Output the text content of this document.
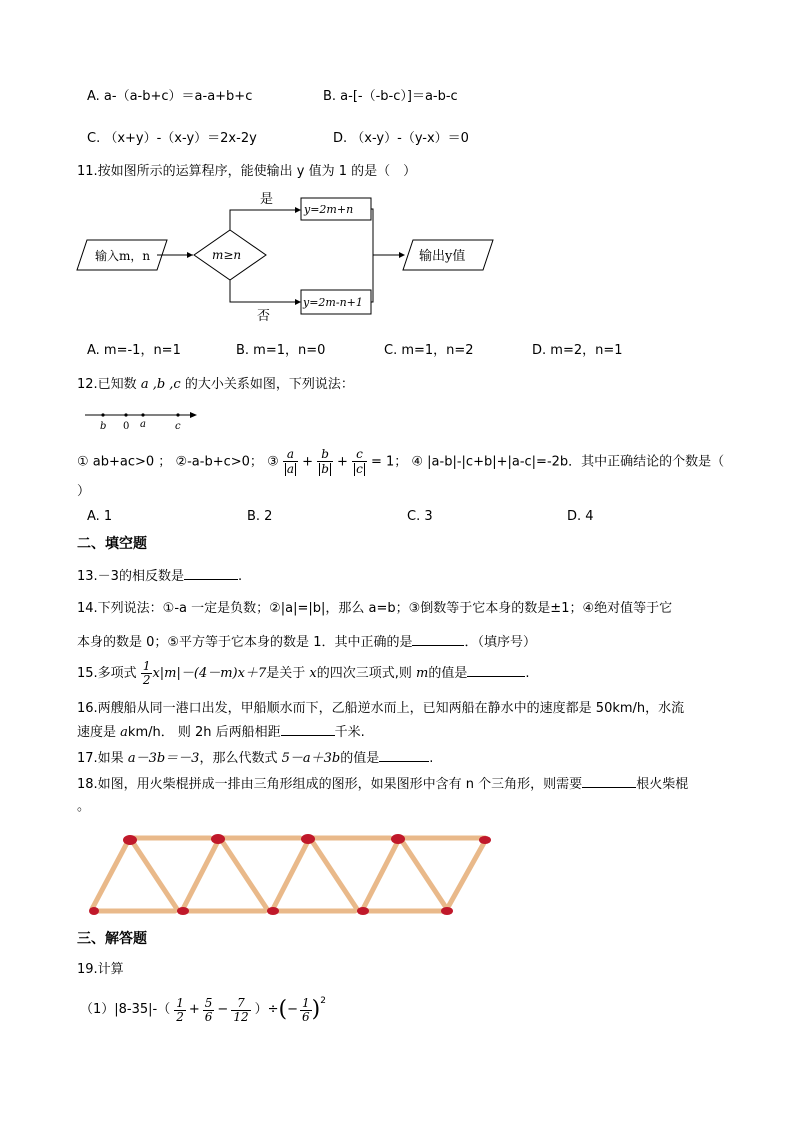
A. a-（a-b+c）＝a-a+b+c	B. a-[-（-b-c）]＝a-b-c
C. （x+y）-（x-y）＝2x-2y	D. （x-y）-（y-x）＝0
11.按如图所示的运算程序，能使输出 y 值为 1 的是（　）
输入m，n	m≥n
是
y=2m+n
否
y=2m-n+1
输出y值
A. m=-1，n=1	B. m=1，n=0	C. m=1，n=2	D. m=2，n=1
12.已知数 a ,b ,c 的大小关系如图，下列说法：
b 0 a	c
① ab+ac>0 ； ②-a-b+c>0； ③ $\frac{a}{a} + \frac{b}{b} + \frac{c}{c} = 1$； ④ |a-b|-|c+b|+|a-c|=-2b．其中正确结论的个数是（
）
A. 1	B. 2	C. 3	D. 4
二、填空题
13.－3的相反数是	.
14.下列说法：①-a 一定是负数；②|a|=|b|，那么 a=b；③倒数等于它本身的数是±1；④绝对值等于它
本身的数是 0；⑤平方等于它本身的数是 1．其中正确的是	．（填序号）
15.多项式 $\frac{1}{2} x|m|-(4-m)x+7$是关于 x的四次三项式,则 m的值是	.
16.两艘船从同一港口出发，甲船顺水而下，乙船逆水而上，已知两船在静水中的速度都是 50km/h，水流
速度是 akm/h． 则 2h 后两船相距	千米.
17.如果 a－3b＝－3，那么代数式 5－a＋3b的值是	.
18.如图，用火柴棍拼成一排由三角形组成的图形，如果图形中含有 n 个三角形，则需要	根火柴棍
。
三、解答题
19.计算
$(1)|8-35|-( \frac{1}{2} + \frac{5}{6} - \frac{7}{12}$ ）÷ ( − $\frac{1}{6} )^2$
